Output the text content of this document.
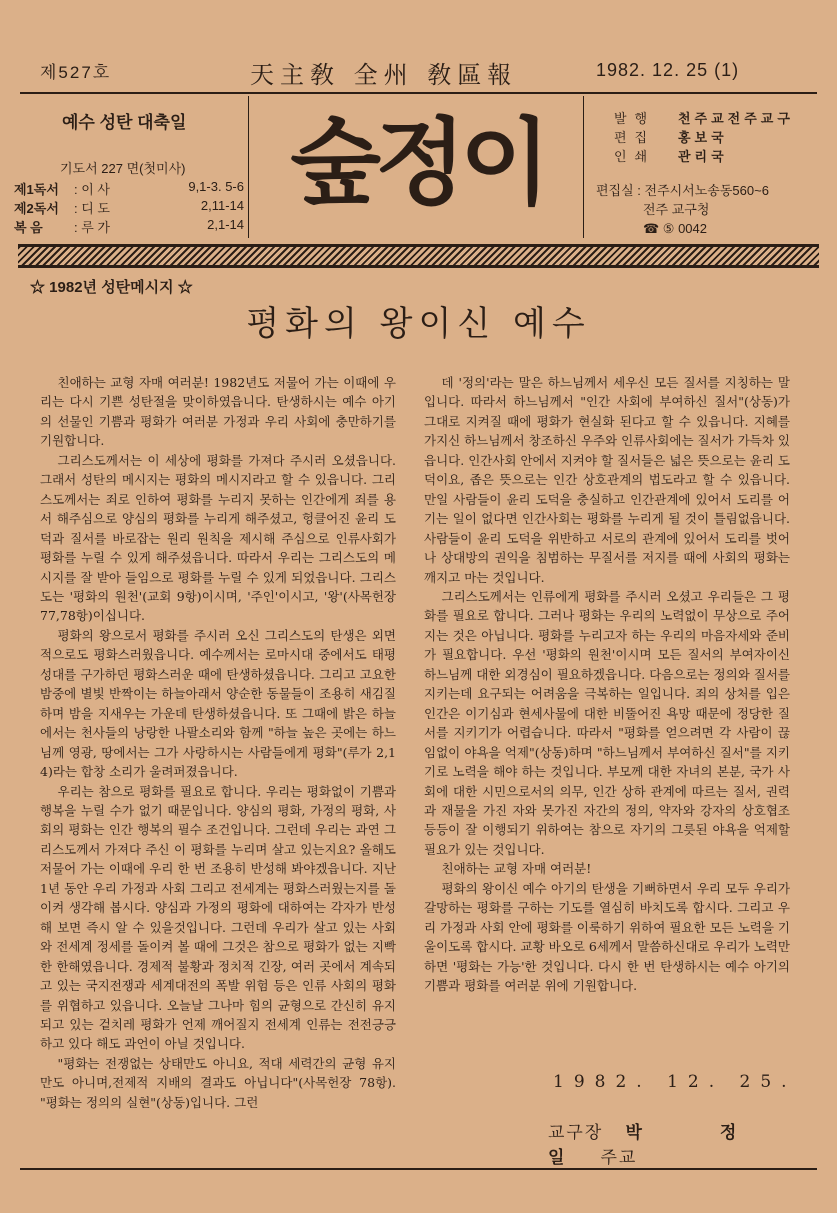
제527호	天主敎 全州 敎區報	1982. 12. 25 (1)
예수 성탄 대축일
기도서 227 면(첫미사)
제1독서	: 이 사	9,1-3. 5-6
제2독서	: 디 도	2,11-14
복 음	: 루 가	2,1-14
숲정이	발행	천주교전주교구
편집	홍보국
인쇄	관리국
편집실 : 전주시서노송동560~6
전주 교구청
☎ ⑤ 0042
☆ 1982년 성탄메시지 ☆
평화의 왕이신 예수

친애하는 교형 자매 여러분! 1982년도 저물어 가는 이때에 우리는 다시 기쁜 성탄절을 맞이하였읍니다. 탄생하시는 예수 아기의 선물인 기쁨과 평화가 여러분 가정과 우리 사회에 충만하기를 기원합니다.

그리스도께서는 이 세상에 평화를 가져다 주시러 오셨읍니다. 그래서 성탄의 메시지는 평화의 메시지라고 할 수 있읍니다. 그리스도께서는 죄로 인하여 평화를 누리지 못하는 인간에게 죄를 용서 해주심으로 양심의 평화를 누리게 해주셨고, 헝클어진 윤리 도덕과 질서를 바로잡는 원리 원칙을 제시해 주심으로 인류사회가 평화를 누릴 수 있게 해주셨읍니다. 따라서 우리는 그리스도의 메시지를 잘 받아 들임으로 평화를 누릴 수 있게 되었읍니다. 그리스도는 '평화의 원천'(교회 9항)이시며, '주인'이시고, '왕'(사목헌장 77,78항)이십니다.

평화의 왕으로서 평화를 주시러 오신 그리스도의 탄생은 외면적으로도 평화스러웠읍니다. 예수께서는 로마시대 중에서도 태평성대를 구가하던 평화스러운 때에 탄생하셨읍니다. 그리고 고요한 밤중에 별빛 반짝이는 하늘아래서 양순한 동물들이 조용히 새김질하며 밤을 지새우는 가운데 탄생하셨읍니다. 또 그때에 밝은 하늘에서는 천사들의 낭랑한 나팔소리와 함께 "하늘 높은 곳에는 하느님께 영광, 땅에서는 그가 사랑하시는 사람들에게 평화"(루가 2,14)라는 합창 소리가 울려퍼졌읍니다.

우리는 참으로 평화를 필요로 합니다. 우리는 평화없이 기쁨과 행복을 누릴 수가 없기 때문입니다. 양심의 평화, 가정의 평화, 사회의 평화는 인간 행복의 필수 조건입니다. 그런데 우리는 과연 그리스도께서 가져다 주신 이 평화를 누리며 살고 있는지요? 올해도 저물어 가는 이때에 우리 한 번 조용히 반성해 봐야겠읍니다. 지난 1년 동안 우리 가정과 사회 그리고 전세계는 평화스러웠는지를 돌이켜 생각해 봅시다. 양심과 가정의 평화에 대하여는 각자가 반성해 보면 즉시 알 수 있을것입니다. 그런데 우리가 살고 있는 사회와 전세계 정세를 돌이켜 볼 때에 그것은 참으로 평화가 없는 지빡한 한해였읍니다. 경제적 불황과 정치적 긴장, 여러 곳에서 계속되고 있는 국지전쟁과 세계대전의 폭발 위험 등은 인류 사회의 평화를 위협하고 있읍니다. 오늘날 그나마 힘의 균형으로 간신히 유지되고 있는 겉치레 평화가 언제 깨어질지 전세계 인류는 전전긍긍하고 있다 해도 과언이 아닐 것입니다.

"평화는 전쟁없는 상태만도 아니요, 적대 세력간의 균형 유지만도 아니며,전제적 지배의 결과도 아닙니다"(사목헌장 78항). "평화는 정의의 실현"(상동)입니다. 그런

데 '정의'라는 말은 하느님께서 세우신 모든 질서를 지칭하는 말입니다. 따라서 하느님께서 "인간 사회에 부여하신 질서"(상동)가 그대로 지켜질 때에 평화가 현실화 된다고 할 수 있읍니다. 지혜를 가지신 하느님께서 창조하신 우주와 인류사회에는 질서가 가득차 있읍니다. 인간사회 안에서 지켜야 할 질서들은 넓은 뜻으로는 윤리 도덕이요, 좁은 뜻으로는 인간 상호관계의 법도라고 할 수 있읍니다. 만일 사람들이 윤리 도덕을 충실하고 인간관계에 있어서 도리를 어기는 일이 없다면 인간사회는 평화를 누리게 될 것이 틀림없읍니다. 사람들이 윤리 도덕을 위반하고 서로의 관계에 있어서 도리를 벗어나 상대방의 권익을 침범하는 무질서를 저지를 때에 사회의 평화는 깨지고 마는 것입니다.

그리스도께서는 인류에게 평화를 주시러 오셨고 우리들은 그 평화를 필요로 합니다. 그러나 평화는 우리의 노력없이 무상으로 주어지는 것은 아닙니다. 평화를 누리고자 하는 우리의 마음자세와 준비가 필요합니다. 우선 '평화의 원천'이시며 모든 질서의 부여자이신 하느님께 대한 외경심이 필요하겠읍니다. 다음으로는 정의와 질서를 지키는데 요구되는 어려움을 극복하는 일입니다. 죄의 상처를 입은 인간은 이기심과 현세사물에 대한 비뚤어진 욕망 때문에 정당한 질서를 지키기가 어렵습니다. 따라서 "평화를 얻으려면 각 사람이 끊임없이 야욕을 억제"(상동)하며 "하느님께서 부여하신 질서"를 지키기로 노력을 해야 하는 것입니다. 부모께 대한 자녀의 본분, 국가 사회에 대한 시민으로서의 의무, 인간 상하 관계에 따르는 질서, 권력과 재물을 가진 자와 못가진 자간의 정의, 약자와 강자의 상호협조 등등이 잘 이행되기 위하여는 참으로 자기의 그릇된 야욕을 억제할 필요가 있는 것입니다.

친애하는 교형 자매 여러분!

평화의 왕이신 예수 아기의 탄생을 기뻐하면서 우리 모두 우리가 갈망하는 평화를 구하는 기도를 열심히 바치도록 합시다. 그리고 우리 가정과 사회 안에 평화를 이룩하기 위하여 필요한 모든 노력을 기울이도록 합시다. 교황 바오로 6세께서 말씀하신대로 우리가 노력만 하면 '평화는 가능'한 것입니다. 다시 한 번 탄생하시는 예수 아기의 기쁨과 평화를 여러분 위에 기원합니다.

1982. 12. 25.
교구장 박 정 일주교
